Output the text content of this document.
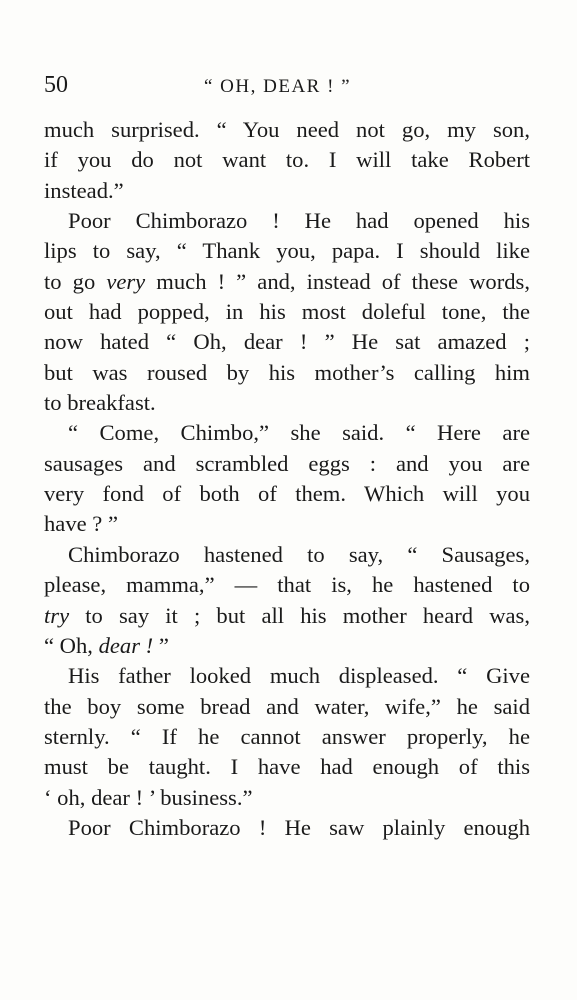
50	“ OH, DEAR ! ”

much surprised. “ You need not go, my son,
if you do not want to. I will take Robert
instead.”

Poor Chimborazo ! He had opened his
lips to say, “ Thank you, papa. I should like
to go very much ! ” and, instead of these words,
out had popped, in his most doleful tone, the
now hated “ Oh, dear ! ” He sat amazed ;
but was roused by his mother’s calling him
to breakfast.

“ Come, Chimbo,” she said. “ Here are
sausages and scrambled eggs : and you are
very fond of both of them. Which will you
have ? ”

Chimborazo hastened to say, “ Sausages,
please, mamma,” — that is, he hastened to
try to say it ; but all his mother heard was,
“ Oh, dear ! ”

His father looked much displeased. “ Give
the boy some bread and water, wife,” he said
sternly. “ If he cannot answer properly, he
must be taught. I have had enough of this
‘ oh, dear ! ’ business.”

Poor Chimborazo ! He saw plainly enough
